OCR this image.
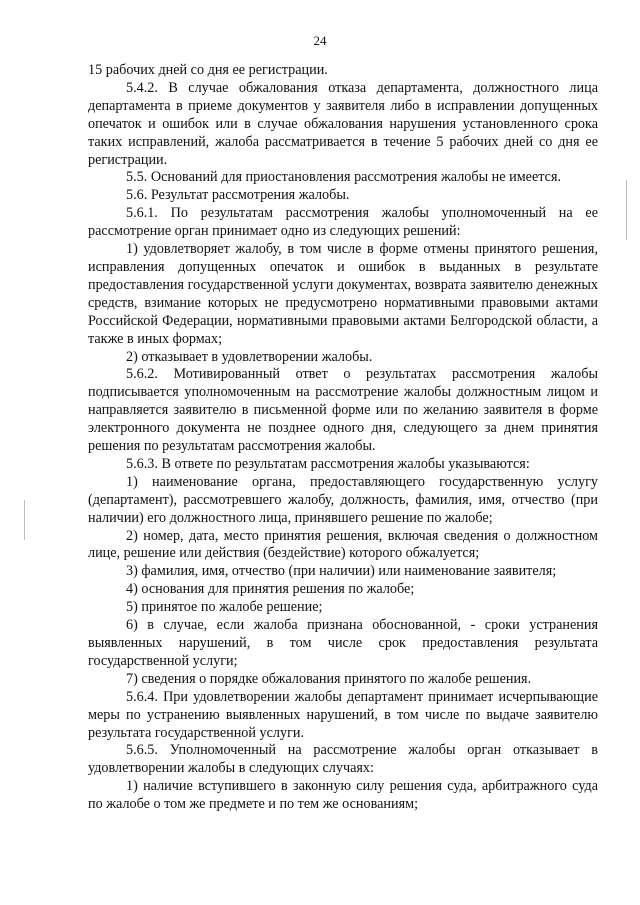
24

15 рабочих дней со дня ее регистрации.

5.4.2. В случае обжалования отказа департамента, должностного лица департамента в приеме документов у заявителя либо в исправлении допущенных опечаток и ошибок или в случае обжалования нарушения установленного срока таких исправлений, жалоба рассматривается в течение 5 рабочих дней со дня ее регистрации.

5.5. Оснований для приостановления рассмотрения жалобы не имеется.

5.6. Результат рассмотрения жалобы.

5.6.1. По результатам рассмотрения жалобы уполномоченный на ее рассмотрение орган принимает одно из следующих решений:

1) удовлетворяет жалобу, в том числе в форме отмены принятого решения, исправления допущенных опечаток и ошибок в выданных в результате предоставления государственной услуги документах, возврата заявителю денежных средств, взимание которых не предусмотрено нормативными правовыми актами Российской Федерации, нормативными правовыми актами Белгородской области, а также в иных формах;

2) отказывает в удовлетворении жалобы.

5.6.2. Мотивированный ответ о результатах рассмотрения жалобы подписывается уполномоченным на рассмотрение жалобы должностным лицом и направляется заявителю в письменной форме или по желанию заявителя в форме электронного документа не позднее одного дня, следующего за днем принятия решения по результатам рассмотрения жалобы.

5.6.3. В ответе по результатам рассмотрения жалобы указываются:

1) наименование органа, предоставляющего государственную услугу (департамент), рассмотревшего жалобу, должность, фамилия, имя, отчество (при наличии) его должностного лица, принявшего решение по жалобе;

2) номер, дата, место принятия решения, включая сведения о должностном лице, решение или действия (бездействие) которого обжалуется;

3) фамилия, имя, отчество (при наличии) или наименование заявителя;

4) основания для принятия решения по жалобе;

5) принятое по жалобе решение;

6) в случае, если жалоба признана обоснованной, - сроки устранения выявленных нарушений, в том числе срок предоставления результата государственной услуги;

7) сведения о порядке обжалования принятого по жалобе решения.

5.6.4. При удовлетворении жалобы департамент принимает исчерпывающие меры по устранению выявленных нарушений, в том числе по выдаче заявителю результата государственной услуги.

5.6.5. Уполномоченный на рассмотрение жалобы орган отказывает в удовлетворении жалобы в следующих случаях:

1) наличие вступившего в законную силу решения суда, арбитражного суда по жалобе о том же предмете и по тем же основаниям;
